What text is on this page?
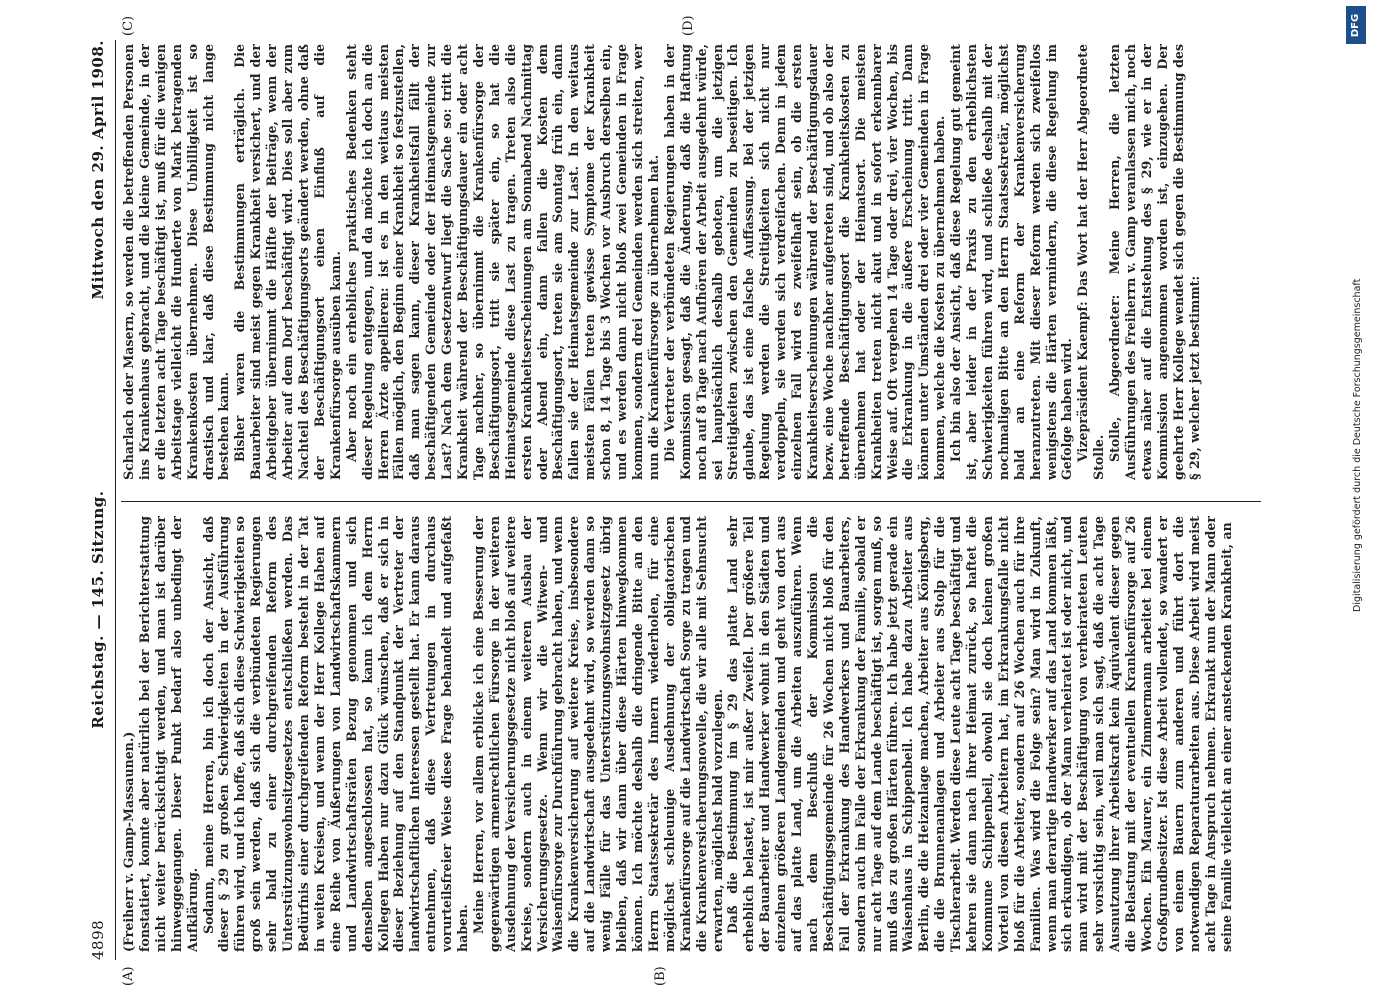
4898
Reichstag. — 145. Sitzung.
Mittwoch den 29. April 1908.
(A)	(B)
(C)	(D)

(Freiherr v. Gamp-Massaunen.) fonstatiert, konnte aber natürlich bei der Berichterstattung nicht weiter berücksichtigt werden, und man ist darüber hinweggegangen. Dieser Punkt bedarf also unbedingt der Aufklärung. Sodann, meine Herren, bin ich doch der Ansicht, daß dieser § 29 zu großen Schwierigkeiten in der Ausführung führen wird, und ich hoffe, daß sich diese Schwierigkeiten so groß sein werden, daß sich die verbündeten Regierungen sehr bald zu einer durchgreifenden Reform des Unterstützungswohnsitzgesetzes entschließen werden. Das Bedürfnis einer durchgreifenden Reform besteht in der Tat in weiten Kreisen, und wenn der Herr Kollege Haben auf eine Reihe von Äußerungen von Landwirtschaftskammern und Landwirtschaftsräten Bezug genommen und sich denselben angeschlossen hat, so kann ich dem Herrn Kollegen Haben nur dazu Glück wünschen, daß er sich in dieser Beziehung auf den Standpunkt der Vertreter der landwirtschaftlichen Interessen gestellt hat. Er kann daraus entnehmen, daß diese Vertretungen in durchaus vorurteilsfreier Weise diese Frage behandelt und aufgefaßt haben. Meine Herren, vor allem erblicke ich eine Besserung der gegenwärtigen armenrechtlichen Fürsorge in der weiteren Ausdehnung der Versicherungsgesetze nicht bloß auf weitere Kreise, sondern auch in einem weiteren Ausbau der Versicherungsgesetze. Wenn wir die Witwen- und Waisenfürsorge zur Durchführung gebracht haben, und wenn die Krankenversicherung auf weitere Kreise, insbesondere auf die Landwirtschaft ausgedehnt wird, so werden dann so wenig Fälle für das Unterstützungswohnsitzgesetz übrig bleiben, daß wir dann über diese Härten hinwegkommen können. Ich möchte deshalb die dringende Bitte an den Herrn Staatssekretär des Innern wiederholen, für eine möglichst schleunige Ausdehnung der obligatorischen Krankenfürsorge auf die Landwirtschaft Sorge zu tragen und die Krankenversicherungsnovelle, die wir alle mit Sehnsucht erwarten, möglichst bald vorzulegen. Daß die Bestimmung im § 29 das platte Land sehr erheblich belastet, ist mir außer Zweifel. Der größere Teil der Bauarbeiter und Handwerker wohnt in den Städten und einzelnen größeren Landgemeinden und geht von dort aus auf das platte Land, um die Arbeiten auszuführen. Wenn nach dem Beschluß der Kommission die Beschäftigungsgemeinde für 26 Wochen nicht bloß für den Fall der Erkrankung des Handwerkers und Bauarbeiters, sondern auch im Falle der Erkrankung der Familie, sobald er nur acht Tage auf dem Lande beschäftigt ist, sorgen muß, so muß das zu großen Härten führen. Ich habe jetzt gerade ein Waisenhaus in Schippenbeil. Ich habe dazu Arbeiter aus Berlin, die die Heizanlage machen, Arbeiter aus Königsberg, die die Brunnenanlagen und Arbeiter aus Stolp für die Tischlerarbeit. Werden diese Leute acht Tage beschäftigt und kehren sie dann nach ihrer Heimat zurück, so haftet die Kommune Schippenbeil, obwohl sie doch keinen großen Vorteil von diesen Arbeitern hat, im Erkrankungsfalle nicht bloß für die Arbeiter, sondern auf 26 Wochen auch für ihre Familien. Was wird die Folge sein? Man wird in Zukunft, wenn man derartige Handwerker auf das Land kommen läßt, sich erkundigen, ob der Mann verheiratet ist oder nicht, und man wird mit der Beschäftigung von verheirateten Leuten sehr vorsichtig sein, weil man sich sagt, daß die acht Tage Ausnutzung ihrer Arbeitskraft kein Äquivalent dieser gegen die Belastung mit der eventuellen Krankenfürsorge auf 26 Wochen. Ein Maurer, ein Zimmermann arbeitet bei einem Großgrundbesitzer. Ist diese Arbeit vollendet, so wandert er von einem Bauern zum anderen und führt dort die notwendigen Reparaturarbeiten aus. Diese Arbeit wird meist acht Tage in Anspruch nehmen. Erkrankt nun der Mann oder seine Familie vielleicht an einer ansteckenden Krankheit, an

Scharlach oder Masern, so werden die betreffenden Personen ins Krankenhaus gebracht, und die kleine Gemeinde, in der er die letzten acht Tage beschäftigt ist, muß für die wenigen Arbeitstage vielleicht die Hunderte von Mark betragenden Krankenkosten übernehmen. Diese Unbilligkeit ist so drastisch und klar, daß diese Bestimmung nicht lange bestehen kann. Bisher waren die Bestimmungen erträglich. Die Bauarbeiter sind meist gegen Krankheit versichert, und der Arbeitgeber übernimmt die Hälfte der Beiträge, wenn der Arbeiter auf dem Dorf beschäftigt wird. Dies soll aber zum Nachteil des Beschäftigungsorts geändert werden, ohne daß der Beschäftigungsort einen Einfluß auf die Krankenfürsorge ausüben kann. Aber noch ein erhebliches praktisches Bedenken steht dieser Regelung entgegen, und da möchte ich doch an die Herren Ärzte appellieren: ist es in den weitaus meisten Fällen möglich, den Beginn einer Krankheit so festzustellen, daß man sagen kann, dieser Krankheitsfall fällt der beschäftigenden Gemeinde oder der Heimatsgemeinde zur Last? Nach dem Gesetzentwurf liegt die Sache so: tritt die Krankheit während der Beschäftigungsdauer ein oder acht Tage nachher, so übernimmt die Krankenfürsorge der Beschäftigungsort, tritt sie später ein, so hat die Heimatsgemeinde diese Last zu tragen. Treten also die ersten Krankheitserscheinungen am Sonnabend Nachmittag oder Abend ein, dann fallen die Kosten dem Beschäftigungsort, treten sie am Sonntag früh ein, dann fallen sie der Heimatsgemeinde zur Last. In den weitaus meisten Fällen treten gewisse Symptome der Krankheit schon 8, 14 Tage bis 3 Wochen vor Ausbruch derselben ein, und es werden dann nicht bloß zwei Gemeinden in Frage kommen, sondern drei Gemeinden werden sich streiten, wer nun die Krankenfürsorge zu übernehmen hat. Die Vertreter der verbündeten Regierungen haben in der Kommission gesagt, daß die Änderung, daß die Haftung noch auf 8 Tage nach Aufhören der Arbeit ausgedehnt würde, sei hauptsächlich deshalb geboten, um die jetzigen Streitigkeiten zwischen den Gemeinden zu beseitigen. Ich glaube, das ist eine falsche Auffassung. Bei der jetzigen Regelung werden die Streitigkeiten sich nicht nur verdoppeln, sie werden sich verdreifachen. Denn in jedem einzelnen Fall wird es zweifelhaft sein, ob die ersten Krankheitserscheinungen während der Beschäftigungsdauer bezw. eine Woche nachher aufgetreten sind, und ob also der betreffende Beschäftigungsort die Krankheitskosten zu übernehmen hat oder der Heimatsort. Die meisten Krankheiten treten nicht akut und in sofort erkennbarer Weise auf. Oft vergehen 14 Tage oder drei, vier Wochen, bis die Erkrankung in die äußere Erscheinung tritt. Dann können unter Umständen drei oder vier Gemeinden in Frage kommen, welche die Kosten zu übernehmen haben. Ich bin also der Ansicht, daß diese Regelung gut gemeint ist, aber leider in der Praxis zu den erheblichsten Schwierigkeiten führen wird, und schließe deshalb mit der nochmaligen Bitte an den Herrn Staatssekretär, möglichst bald an eine Reform der Krankenversicherung heranzutreten. Mit dieser Reform werden sich zweifellos wenigstens die Härten vermindern, die diese Regelung im Gefolge haben wird. Vizepräsident Kaempf: Das Wort hat der Herr Abgeordnete Stolle. Stolle, Abgeordneter: Meine Herren, die letzten Ausführungen des Freiherrn v. Gamp veranlassen mich, noch etwas näher auf die Entstehung des § 29, wie er in der Kommission angenommen worden ist, einzugehen. Der geehrte Herr Kollege wendet sich gegen die Bestimmung des § 29, welcher jetzt bestimmt:

DFG
Digitalisierung gefördert durch die Deutsche Forschungsgemeinschaft
